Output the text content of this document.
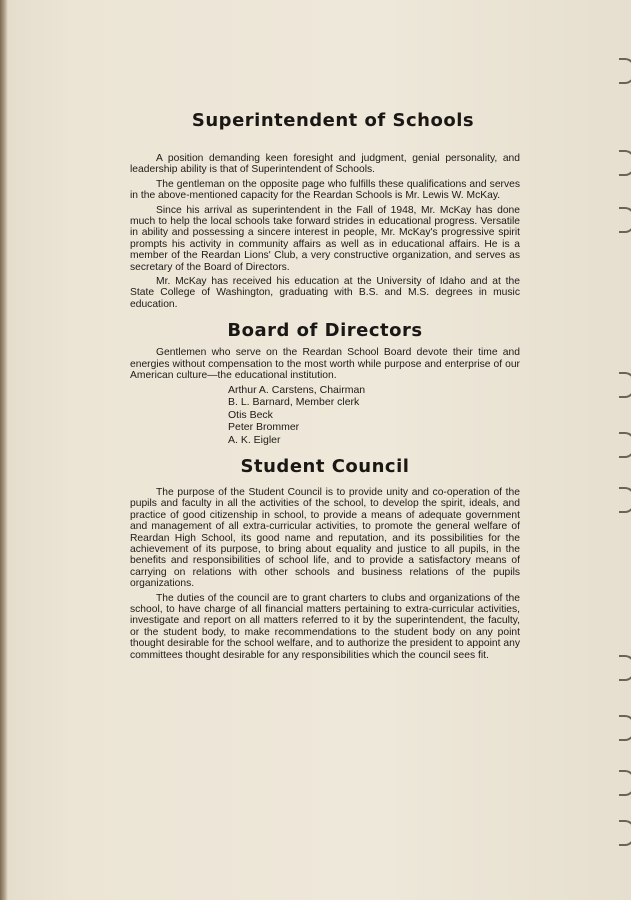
Superintendent of Schools

A position demanding keen foresight and judgment, genial personality, and leadership ability is that of Superintendent of Schools.

The gentleman on the opposite page who fulfills these qualifications and serves in the above-mentioned capacity for the Reardan Schools is Mr. Lewis W. McKay.

Since his arrival as superintendent in the Fall of 1948, Mr. McKay has done much to help the local schools take forward strides in educational progress. Versatile in ability and possessing a sincere interest in people, Mr. McKay's progressive spirit prompts his activity in community affairs as well as in educational affairs. He is a member of the Reardan Lions' Club, a very constructive organization, and serves as secretary of the Board of Directors.

Mr. McKay has received his education at the University of Idaho and at the State College of Washington, graduating with B.S. and M.S. degrees in music education.

Board of Directors

Gentlemen who serve on the Reardan School Board devote their time and energies without compensation to the most worth while purpose and enterprise of our American culture—the educational institution.

Arthur A. Carstens, Chairman
B. L. Barnard, Member clerk
Otis Beck
Peter Brommer
A. K. Eigler
Student Council

The purpose of the Student Council is to provide unity and co-operation of the pupils and faculty in all the activities of the school, to develop the spirit, ideals, and practice of good citizenship in school, to provide a means of adequate government and management of all extra-curricular activities, to promote the general welfare of Reardan High School, its good name and reputation, and its possibilities for the achievement of its purpose, to bring about equality and justice to all pupils, in the benefits and responsibilities of school life, and to provide a satisfactory means of carrying on relations with other schools and business relations of the pupils organizations.

The duties of the council are to grant charters to clubs and organizations of the school, to have charge of all financial matters pertaining to extra-curricular activities, investigate and report on all matters referred to it by the superintendent, the faculty, or the student body, to make recommendations to the student body on any point thought desirable for the school welfare, and to authorize the president to appoint any committees thought desirable for any responsibilities which the council sees fit.
